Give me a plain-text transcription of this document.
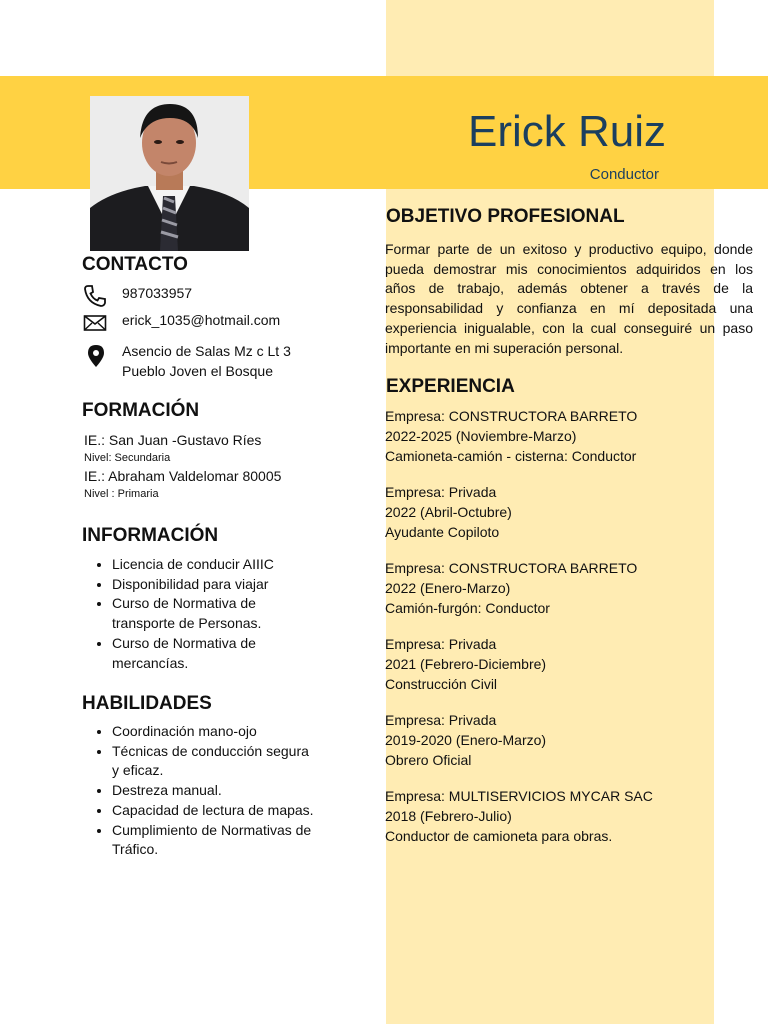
Erick Ruiz
Conductor
CONTACTO
987033957
erick_1035@hotmail.com
Asencio de Salas Mz c Lt 3
Pueblo Joven el Bosque
FORMACIÓN
IE.: San Juan -Gustavo Ríes
Nivel: Secundaria
IE.: Abraham Valdelomar 80005
Nivel : Primaria
INFORMACIÓN
• Licencia de conducir AIIIC
• Disponibilidad para viajar
• Curso de Normativa de transporte de Personas.
• Curso de Normativa de mercancías.
HABILIDADES
• Coordinación mano-ojo
• Técnicas de conducción segura y eficaz.
• Destreza manual.
• Capacidad de lectura de mapas.
• Cumplimiento de Normativas de Tráfico.
OBJETIVO PROFESIONAL

Formar parte de un exitoso y productivo equipo, donde pueda demostrar mis conocimientos adquiridos en los años de trabajo, además obtener a través de la responsabilidad y confianza en mí depositada una experiencia inigualable, con la cual conseguiré un paso importante en mi superación personal.

EXPERIENCIA
Empresa: CONSTRUCTORA BARRETO
2022-2025 (Noviembre-Marzo)
Camioneta-camión - cisterna: Conductor
Empresa: Privada
2022 (Abril-Octubre)
Ayudante Copiloto
Empresa: CONSTRUCTORA BARRETO
2022 (Enero-Marzo)
Camión-furgón: Conductor
Empresa: Privada
2021 (Febrero-Diciembre)
Construcción Civil
Empresa: Privada
2019-2020 (Enero-Marzo)
Obrero Oficial
Empresa: MULTISERVICIOS MYCAR SAC
2018 (Febrero-Julio)
Conductor de camioneta para obras.
